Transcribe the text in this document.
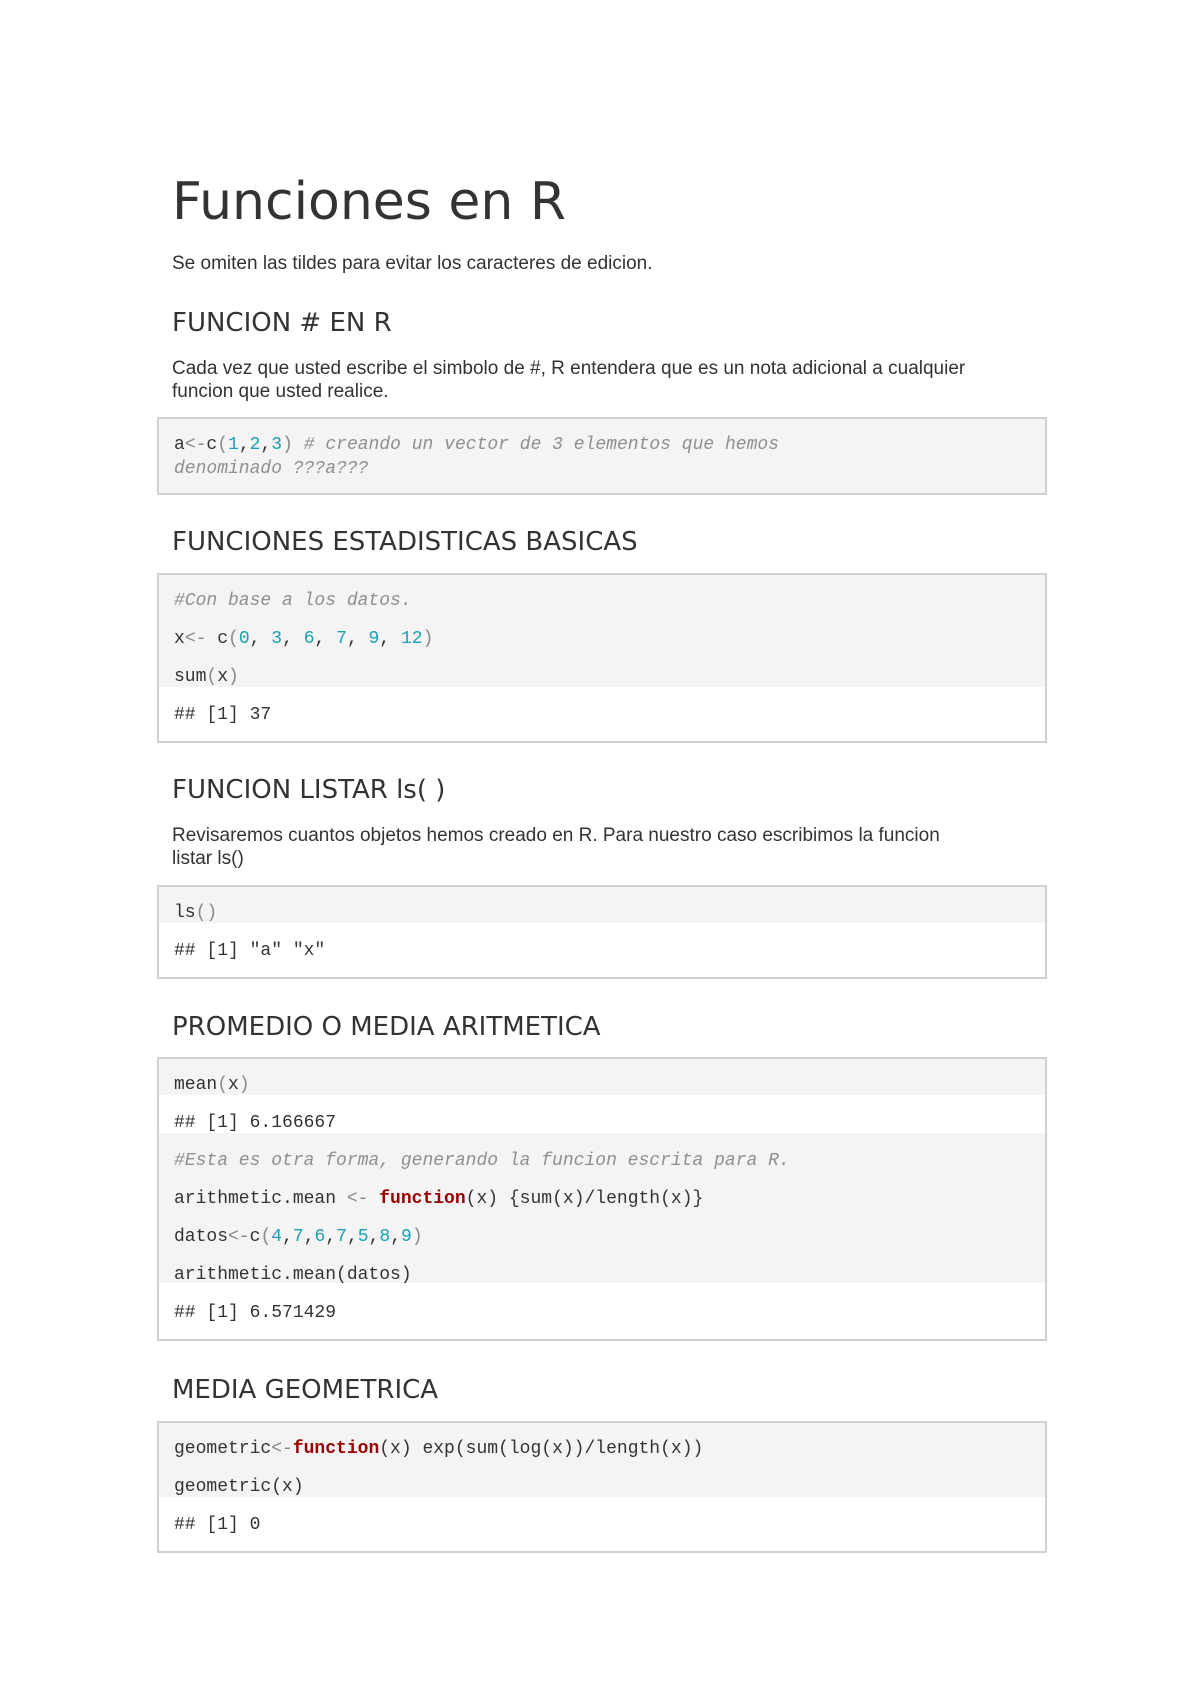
Funciones en R

Se omiten las tildes para evitar los caracteres de edicion.

FUNCION # EN R

Cada vez que usted escribe el simbolo de #, R entendera que es un nota adicional a cualquier

funcion que usted realice.

a<-c(1,2,3) # creando un vector de 3 elementos que hemos
denominado ???a???
FUNCIONES ESTADISTICAS BASICAS
#Con base a los datos.
x<- c(0, 3, 6, 7, 9, 12)
sum(x)
## [1] 37
FUNCION LISTAR ls( )

Revisaremos cuantos objetos hemos creado en R. Para nuestro caso escribimos la funcion

listar ls()

ls()
## [1] "a" "x"
PROMEDIO O MEDIA ARITMETICA
mean(x)
## [1] 6.166667
#Esta es otra forma, generando la funcion escrita para R.
arithmetic.mean <- function(x) {sum(x)/length(x)}
datos<-c(4,7,6,7,5,8,9)
arithmetic.mean(datos)
## [1] 6.571429
MEDIA GEOMETRICA
geometric<-function(x) exp(sum(log(x))/length(x))
geometric(x)
## [1] 0
